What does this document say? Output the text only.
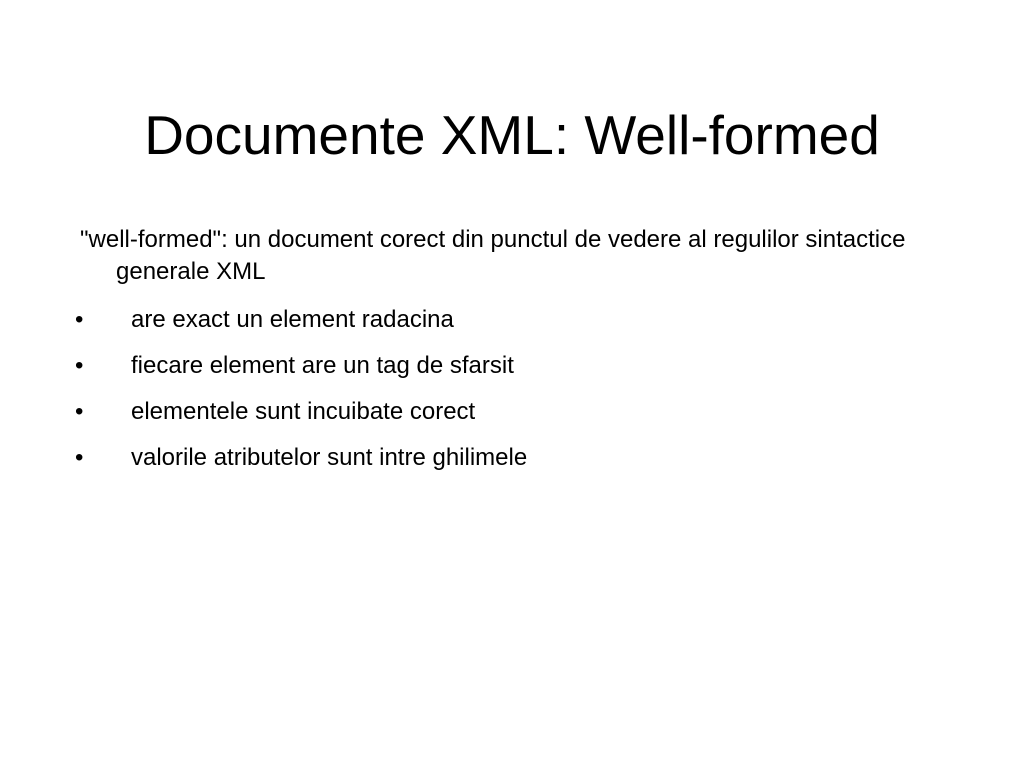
Documente XML: Well-formed

"well-formed": un document corect din punctul de vedere al regulilor sintactice generale XML

•	are exact un element radacina
•	fiecare element are un tag de sfarsit
•	elementele sunt incuibate corect
•	valorile atributelor sunt intre ghilimele
